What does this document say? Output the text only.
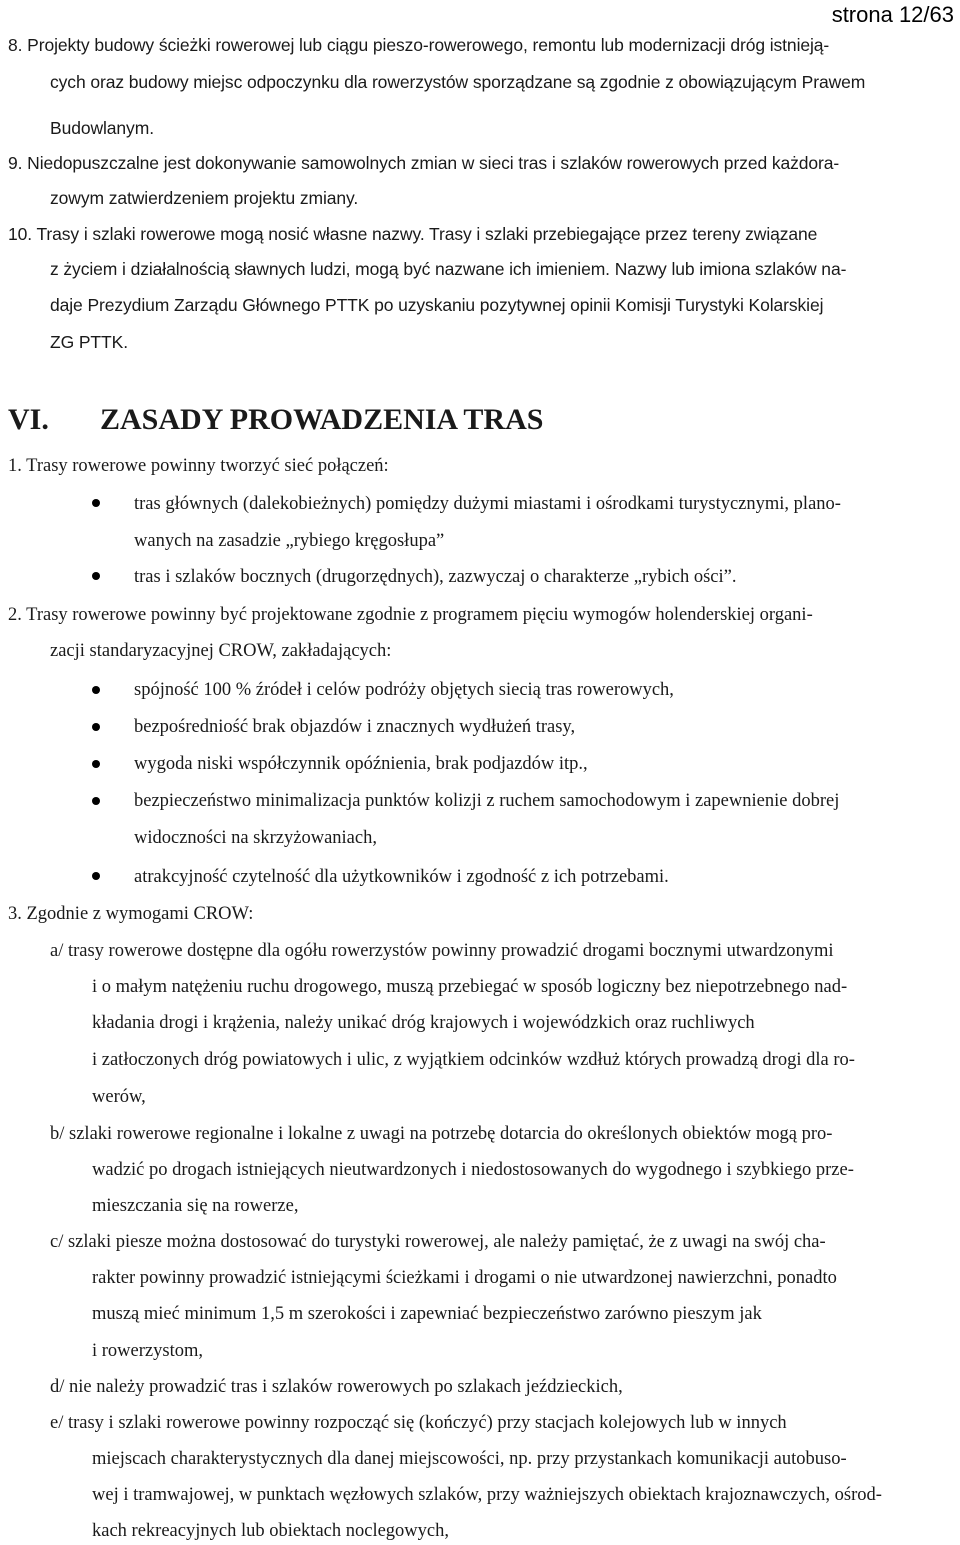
strona 12/63
8. Projekty budowy ścieżki rowerowej lub ciągu pieszo-rowerowego, remontu lub modernizacji dróg istnieją-
cych oraz budowy miejsc odpoczynku dla rowerzystów sporządzane są zgodnie z obowiązującym Prawem
Budowlanym.
9. Niedopuszczalne jest dokonywanie samowolnych zmian w sieci tras i szlaków rowerowych przed każdora-
zowym zatwierdzeniem projektu zmiany.
10. Trasy i szlaki rowerowe mogą nosić własne nazwy. Trasy i szlaki przebiegające przez tereny związane
z życiem i działalnością sławnych ludzi, mogą być nazwane ich imieniem. Nazwy lub imiona szlaków na-
daje Prezydium Zarządu Głównego PTTK po uzyskaniu pozytywnej opinii Komisji Turystyki Kolarskiej
ZG PTTK.
VI. ZASADY PROWADZENIA TRAS
1. Trasy rowerowe powinny tworzyć sieć połączeń:
tras głównych (dalekobieżnych) pomiędzy dużymi miastami i ośrodkami turystycznymi, plano-
wanych na zasadzie „rybiego kręgosłupa”
tras i szlaków bocznych (drugorzędnych), zazwyczaj o charakterze „rybich ości”.
2. Trasy rowerowe powinny być projektowane zgodnie z programem pięciu wymogów holenderskiej organi-
zacji standaryzacyjnej CROW, zakładających:
spójność 100 % źródeł i celów podróży objętych siecią tras rowerowych,
bezpośredniość brak objazdów i znacznych wydłużeń trasy,
wygoda niski współczynnik opóźnienia, brak podjazdów itp.,
bezpieczeństwo minimalizacja punktów kolizji z ruchem samochodowym i zapewnienie dobrej
widoczności na skrzyżowaniach,
atrakcyjność czytelność dla użytkowników i zgodność z ich potrzebami.
3. Zgodnie z wymogami CROW:
a/ trasy rowerowe dostępne dla ogółu rowerzystów powinny prowadzić drogami bocznymi utwardzonymi
i o małym natężeniu ruchu drogowego, muszą przebiegać w sposób logiczny bez niepotrzebnego nad-
kładania drogi i krążenia, należy unikać dróg krajowych i wojewódzkich oraz ruchliwych
i zatłoczonych dróg powiatowych i ulic, z wyjątkiem odcinków wzdłuż których prowadzą drogi dla ro-
werów,
b/ szlaki rowerowe regionalne i lokalne z uwagi na potrzebę dotarcia do określonych obiektów mogą pro-
wadzić po drogach istniejących nieutwardzonych i niedostosowanych do wygodnego i szybkiego prze-
mieszczania się na rowerze,
c/ szlaki piesze można dostosować do turystyki rowerowej, ale należy pamiętać, że z uwagi na swój cha-
rakter powinny prowadzić istniejącymi ścieżkami i drogami o nie utwardzonej nawierzchni, ponadto
muszą mieć minimum 1,5 m szerokości i zapewniać bezpieczeństwo zarówno pieszym jak
i rowerzystom,
d/ nie należy prowadzić tras i szlaków rowerowych po szlakach jeździeckich,
e/ trasy i szlaki rowerowe powinny rozpocząć się (kończyć) przy stacjach kolejowych lub w innych
miejscach charakterystycznych dla danej miejscowości, np. przy przystankach komunikacji autobuso-
wej i tramwajowej, w punktach węzłowych szlaków, przy ważniejszych obiektach krajoznawczych, ośrod-
kach rekreacyjnych lub obiektach noclegowych,
